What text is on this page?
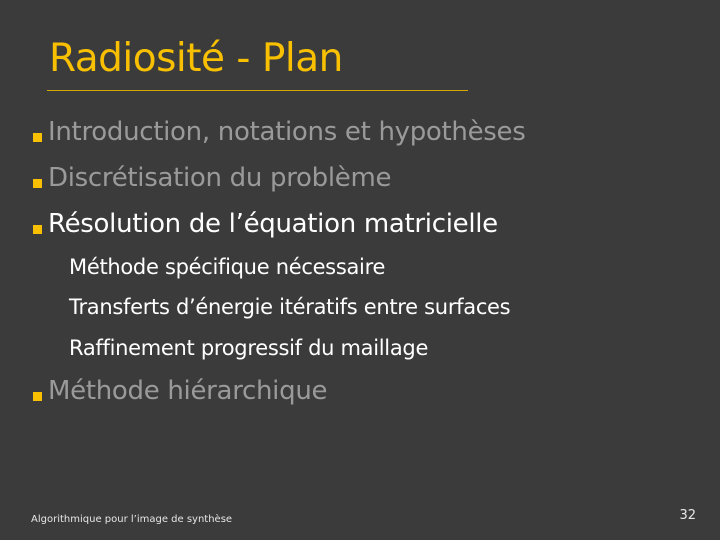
Radiosité - Plan
Introduction, notations et hypothèses
Discrétisation du problème
Résolution de l’équation matricielle
Méthode spécifique nécessaire
Transferts d’énergie itératifs entre surfaces
Raffinement progressif du maillage
Méthode hiérarchique
Algorithmique pour l’image de synthèse	32
